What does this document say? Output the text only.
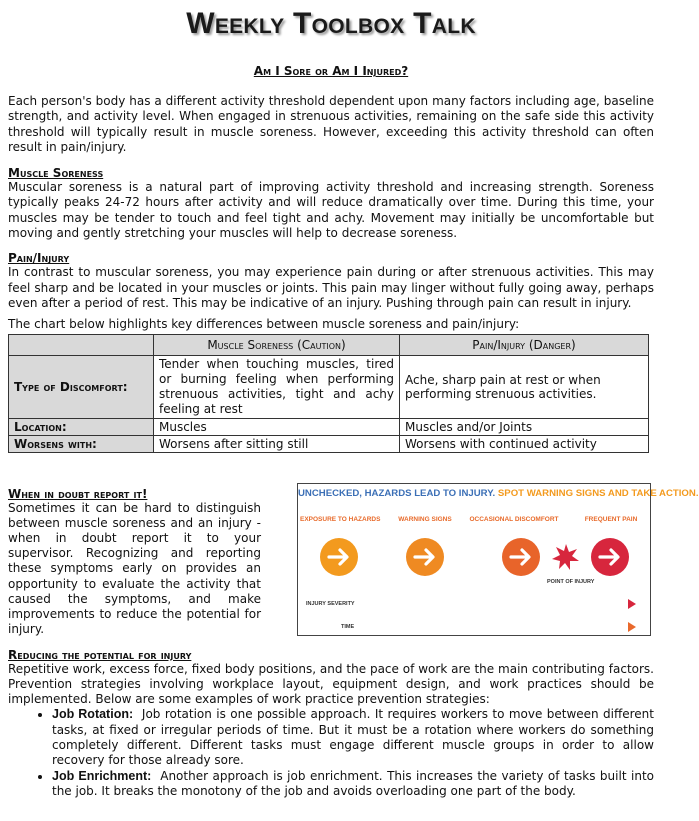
Weekly Toolbox Talk
Am I Sore or Am I Injured?

Each person's body has a different activity threshold dependent upon many factors including age, baseline strength, and activity level. When engaged in strenuous activities, remaining on the safe side this activity threshold will typically result in muscle soreness. However, exceeding this activity threshold can often result in pain/injury.

Muscle Soreness

Muscular soreness is a natural part of improving activity threshold and increasing strength. Soreness typically peaks 24-72 hours after activity and will reduce dramatically over time. During this time, your muscles may be tender to touch and feel tight and achy. Movement may initially be uncomfortable but moving and gently stretching your muscles will help to decrease soreness.

Pain/Injury

In contrast to muscular soreness, you may experience pain during or after strenuous activities. This may feel sharp and be located in your muscles or joints. This pain may linger without fully going away, perhaps even after a period of rest. This may be indicative of an injury. Pushing through pain can result in injury.

The chart below highlights key differences between muscle soreness and pain/injury:

	Muscle Soreness (Caution)	Pain/Injury (Danger)
Type of Discomfort:	Tender when touching muscles, tired or burning feeling when performing strenuous activities, tight and achy feeling at rest	Ache, sharp pain at rest or when performing strenuous activities.
Location:	Muscles	Muscles and/or Joints
Worsens with:	Worsens after sitting still	Worsens with continued activity
When in doubt report it!

Sometimes it can be hard to distinguish between muscle soreness and an injury - when in doubt report it to your supervisor. Recognizing and reporting these symptoms early on provides an opportunity to evaluate the activity that caused the symptoms, and make improvements to reduce the potential for injury.

UNCHECKED, HAZARDS LEAD TO INJURY. SPOT WARNING SIGNS AND TAKE ACTION.
EXPOSURE TO HAZARDS	WARNING SIGNS	OCCASIONAL DISCOMFORT	FREQUENT PAIN
POINT OF INJURY
INJURY SEVERITY
TIME
Reducing the potential for injury

Repetitive work, excess force, fixed body positions, and the pace of work are the main contributing factors. Prevention strategies involving workplace layout, equipment design, and work practices should be implemented. Below are some examples of work practice prevention strategies:

• Job Rotation: Job rotation is one possible approach. It requires workers to move between different tasks, at fixed or irregular periods of time. But it must be a rotation where workers do something completely different. Different tasks must engage different muscle groups in order to allow recovery for those already sore.
• Job Enrichment: Another approach is job enrichment. This increases the variety of tasks built into the job. It breaks the monotony of the job and avoids overloading one part of the body.
